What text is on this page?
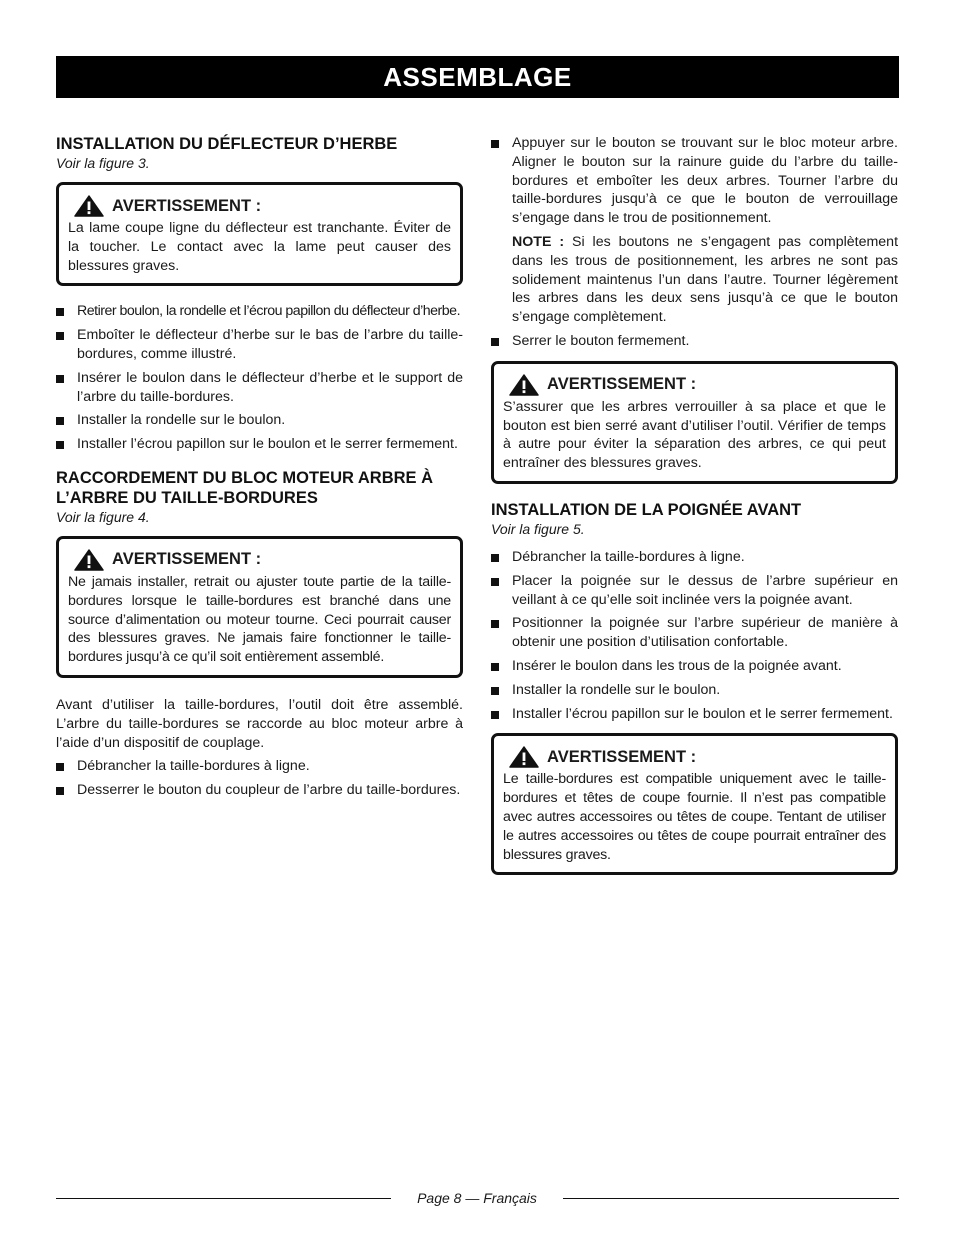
ASSEMBLAGE
INSTALLATION DU DÉFLECTEUR D’HERBE

Voir la figure 3.

AVERTISSEMENT :

La lame coupe ligne du déflecteur est tranchante. Éviter de la toucher. Le contact avec la lame peut causer des blessures graves.

Retirer boulon, la rondelle et l’écrou papillon du déflecteur d’herbe.
Emboîter le déflecteur d’herbe sur le bas de l’arbre du taille-bordures, comme illustré.
Insérer le boulon dans le déflecteur d’herbe et le support de l’arbre du taille-bordures.
Installer la rondelle sur le boulon.
Installer l’écrou papillon sur le boulon et le serrer fermement.
RACCORDEMENT DU BLOC MOTEUR ARBRE À L’ARBRE DU TAILLE-BORDURES

Voir la figure 4.

AVERTISSEMENT :

Ne jamais installer, retrait ou ajuster toute partie de la taille-bordures lorsque le taille-bordures est branché dans une source d’alimentation ou moteur tourne. Ceci pourrait causer des blessures graves. Ne jamais faire fonctionner le taille-bordures jusqu’à ce qu’il soit entièrement assemblé.

Avant d’utiliser la taille-bordures, l’outil doit être assemblé. L’arbre du taille-bordures se raccorde au bloc moteur arbre à l’aide d’un dispositif de couplage.

Débrancher la taille-bordures à ligne.
Desserrer le bouton du coupleur de l’arbre du taille-bordures.
Appuyer sur le bouton se trouvant sur le bloc moteur arbre. Aligner le bouton sur la rainure guide du l’arbre du taille-bordures et emboîter les deux arbres. Tourner l’arbre du taille-bordures jusqu’à ce que le bouton de verrouillage s’engage dans le trou de positionnement.

NOTE : Si les boutons ne s’engagent pas complètement dans les trous de positionnement, les arbres ne sont pas solidement maintenus l’un dans l’autre. Tourner légèrement les arbres dans les deux sens jusqu’à ce que le bouton s’engage complètement.

Serrer le bouton fermement.
AVERTISSEMENT :

S’assurer que les arbres verrouiller à sa place et que le bouton est bien serré avant d’utiliser l’outil. Vérifier de temps à autre pour éviter la séparation des arbres, ce qui peut entraîner des blessures graves.

INSTALLATION DE LA POIGNÉE AVANT

Voir la figure 5.

Débrancher la taille-bordures à ligne.
Placer la poignée sur le dessus de l’arbre supérieur en veillant à ce qu’elle soit inclinée vers la poignée avant.
Positionner la poignée sur l’arbre supérieur de manière à obtenir une position d’utilisation confortable.
Insérer le boulon dans les trous de la poignée avant.
Installer la rondelle sur le boulon.
Installer l’écrou papillon sur le boulon et le serrer fermement.
AVERTISSEMENT :

Le taille-bordures est compatible uniquement avec le taille-bordures et têtes de coupe fournie. Il n’est pas compatible avec autres accessoires ou têtes de coupe. Tentant de utiliser le autres accessoires ou têtes de coupe pourrait entraîner des blessures graves.

Page 8 — Français
